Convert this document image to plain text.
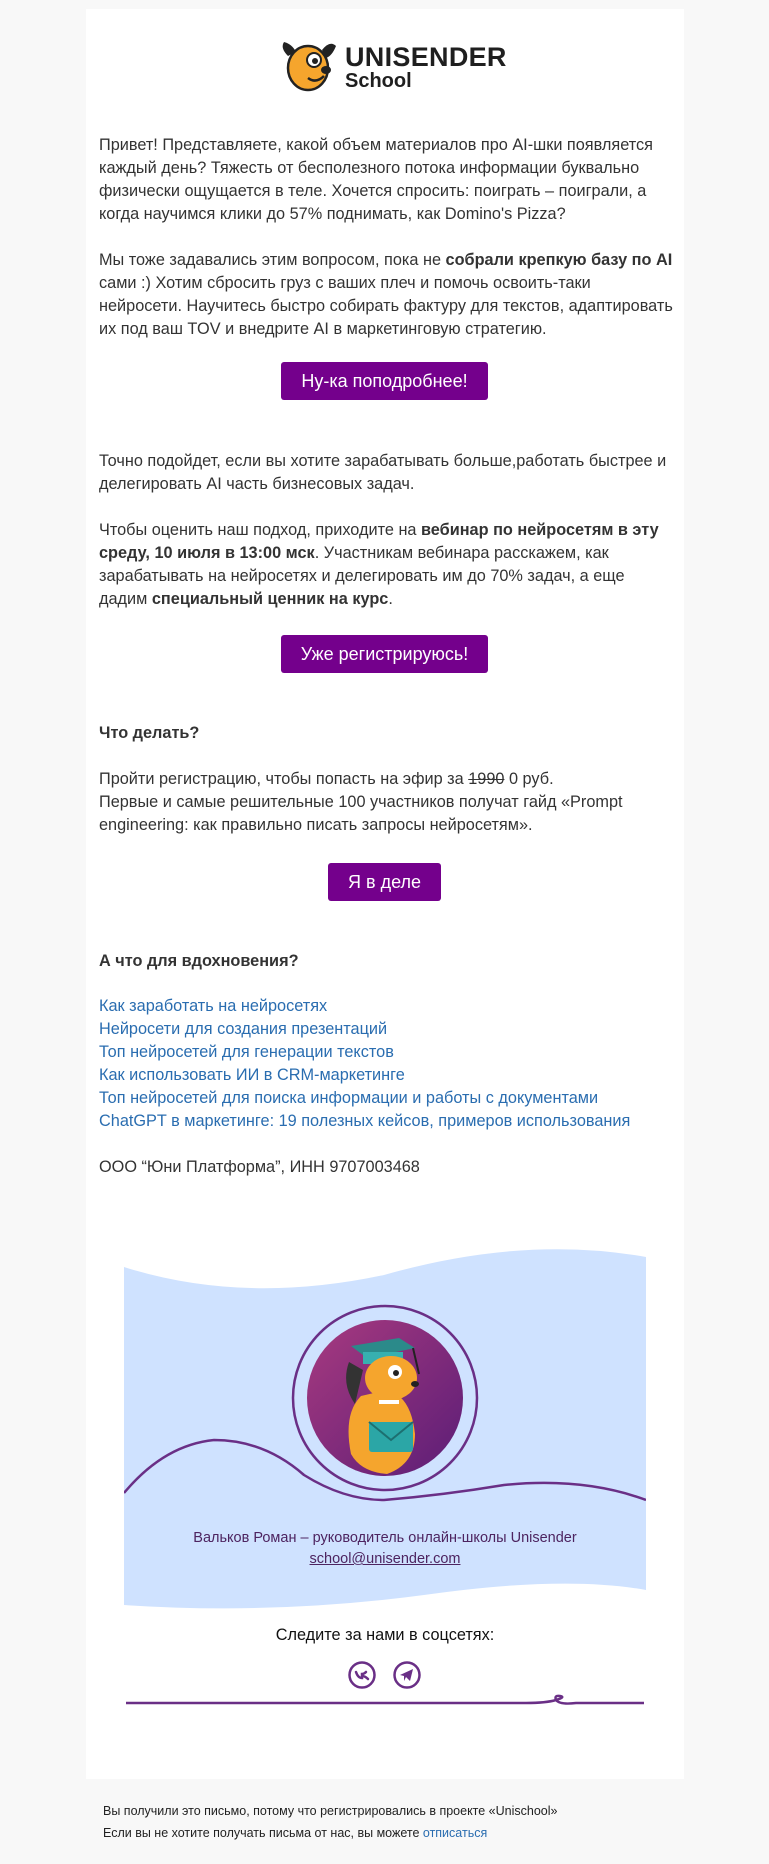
UNISENDER
School

Привет! Представляете, какой объем материалов про AI-шки появляется каждый день? Тяжесть от бесполезного потока информации буквально физически ощущается в теле. Хочется спросить: поиграть – поиграли, а когда научимся клики до 57% поднимать, как Domino's Pizza?

Мы тоже задавались этим вопросом, пока не собрали крепкую базу по AI сами :) Хотим сбросить груз с ваших плеч и помочь освоить-таки нейросети. Научитесь быстро собирать фактуру для текстов, адаптировать их под ваш TOV и внедрите AI в маркетинговую стратегию.

Ну-ка поподробнее!

Точно подойдет, если вы хотите зарабатывать больше,работать быстрее и делегировать AI часть бизнесовых задач.

Чтобы оценить наш подход, приходите на вебинар по нейросетям в эту среду, 10 июля в 13:00 мск. Участникам вебинара расскажем, как зарабатывать на нейросетях и делегировать им до 70% задач, а еще дадим специальный ценник на курс.

Уже регистрируюсь!
Что делать?

Пройти регистрацию, чтобы попасть на эфир за 1990 0 руб.
Первые и самые решительные 100 участников получат гайд «Prompt engineering: как правильно писать запросы нейросетям».

Я в деле
А что для вдохновения?
Как заработать на нейросетях
Нейросети для создания презентаций
Топ нейросетей для генерации текстов
Как использовать ИИ в CRM-маркетинге
Топ нейросетей для поиска информации и работы с документами
ChatGPT в маркетинге: 19 полезных кейсов, примеров использования
ООО “Юни Платформа”, ИНН 9707003468
Вальков Роман – руководитель онлайн-школы Unisender
school@unisender.com
Следите за нами в соцсетях:
Вы получили это письмо, потому что регистрировались в проекте «Unischool»
Если вы не хотите получать письма от нас, вы можете отписаться
